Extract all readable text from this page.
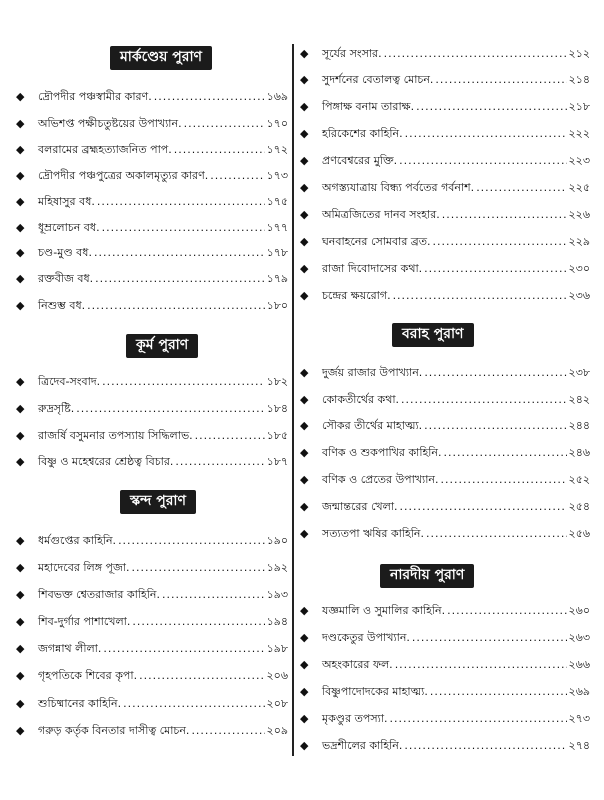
মার্কণ্ডেয় পুরাণ
◆	দ্রৌপদীর পঞ্চস্বামীর কারণ. .....	১৬৯
◆	অভিশপ্ত পক্ষীচতুষ্টয়ের উপাখ্যান. .....	১৭০
◆	বলরামের ব্রহ্মহত্যাজনিত পাপ. .....	১৭২
◆	দ্রৌপদীর পঞ্চপুত্রের অকালমৃত্যুর কারণ. .....	১৭৩
◆	মহিষাসুর বধ. .....	১৭৫
◆	ধূম্রলোচন বধ. .....	১৭৭
◆	চণ্ড-মুণ্ড বধ. .....	১৭৮
◆	রক্তবীজ বধ. .....	১৭৯
◆	নিশুম্ভ বধ. .....	১৮০
কূর্ম পুরাণ
◆	ত্রিদেব-সংবাদ. .....	১৮২
◆	রুদ্রসৃষ্টি. .....	১৮৪
◆	রাজর্ষি বসুমনার তপস্যায় সিদ্ধিলাভ. .....	১৮৫
◆	বিষ্ণু ও মহেশ্বরের শ্রেষ্ঠত্ব বিচার. .....	১৮৭
স্কন্দ পুরাণ
◆	ধর্মগুপ্তের কাহিনি. .....	১৯০
◆	মহাদেবের লিঙ্গ পূজা. .....	১৯২
◆	শিবভক্ত শ্বেতরাজার কাহিনি. .....	১৯৩
◆	শিব-দুর্গার পাশাখেলা. .....	১৯৪
◆	জগন্নাথ লীলা. .....	১৯৮
◆	গৃহপতিকে শিবের কৃপা. .....	২০৬
◆	শুচিষ্মানের কাহিনি. .....	২০৮
◆	গরুড় কর্তৃক বিনতার দাসীত্ব মোচন. .....	২০৯
◆	সূর্যের সংসার. .....	২১২
◆	সুদর্শনের বেতালত্ব মোচন. .....	২১৪
◆	পিঙ্গাক্ষ বনাম তারাক্ষ. .....	২১৮
◆	হরিকেশের কাহিনি. .....	২২২
◆	প্রণবেশ্বরের মুক্তি. .....	২২৩
◆	অগস্ত্যযাত্রায় বিন্ধ্য পর্বতের গর্বনাশ. .....	২২৫
◆	অমিত্রজিতের দানব সংহার. .....	২২৬
◆	ঘনবাহনের সোমবার ব্রত. .....	২২৯
◆	রাজা দিবোদাসের কথা. .....	২৩০
◆	চন্দ্রের ক্ষয়রোগ. .....	২৩৬
বরাহ পুরাণ
◆	দুর্জয় রাজার উপাখ্যান. .....	২৩৮
◆	কোকতীর্থের কথা. .....	২৪২
◆	সৌকর তীর্থের মাহাত্ম্য. .....	২৪৪
◆	বণিক ও শুকপাখির কাহিনি. .....	২৪৬
◆	বণিক ও প্রেতের উপাখ্যান. .....	২৫২
◆	জন্মান্তরের খেলা. .....	২৫৪
◆	সত্যতপা ঋষির কাহিনি. .....	২৫৬
নারদীয় পুরাণ
◆	যজ্ঞমালি ও সুমালির কাহিনি. .....	২৬০
◆	দণ্ডকেতুর উপাখ্যান. .....	২৬৩
◆	অহংকারের ফল. .....	২৬৬
◆	বিষ্ণুপাদোদকের মাহাত্ম্য. .....	২৬৯
◆	মৃকণ্ডুর তপস্যা. .....	২৭৩
◆	ভদ্রশীলের কাহিনি. .....	২৭৪
